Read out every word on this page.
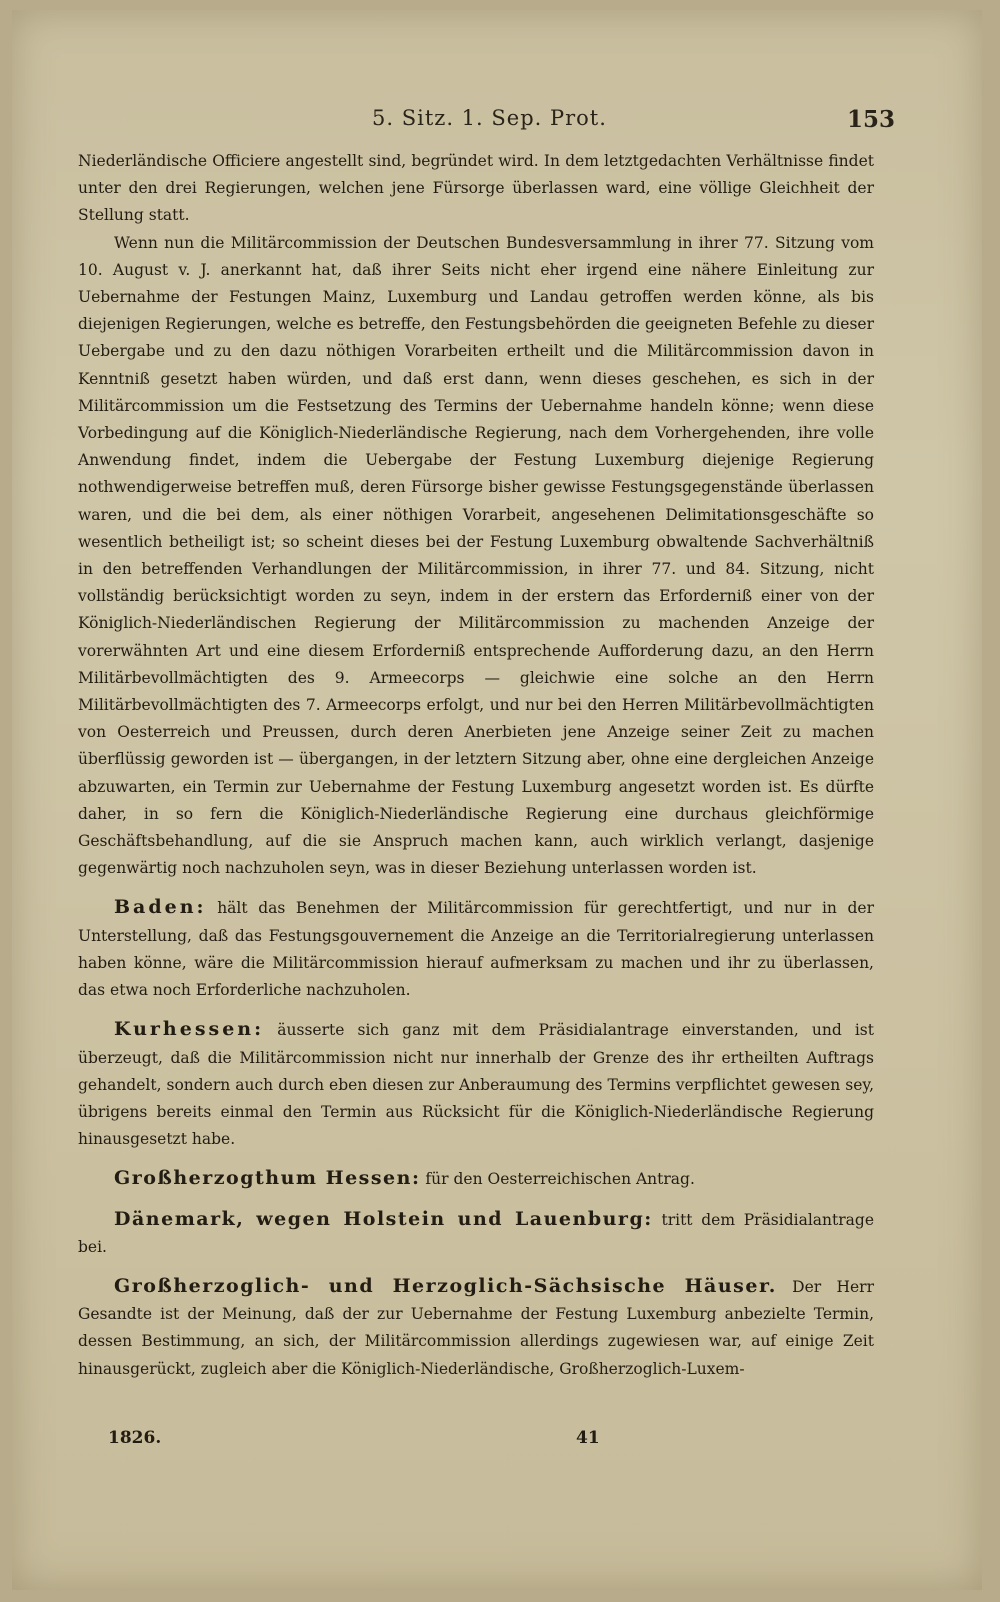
5. Sitz. 1. Sep. Prot.	153

Niederländische Officiere angestellt sind, begründet wird. In dem letztgedachten Verhältnisse findet unter den drei Regierungen, welchen jene Fürsorge überlassen ward, eine völlige Gleichheit der Stellung statt.

Wenn nun die Militärcommission der Deutschen Bundesversammlung in ihrer 77. Sitzung vom 10. August v. J. anerkannt hat, daß ihrer Seits nicht eher irgend eine nähere Einleitung zur Uebernahme der Festungen Mainz, Luxemburg und Landau getroffen werden könne, als bis diejenigen Regierungen, welche es betreffe, den Festungsbehörden die geeigneten Befehle zu dieser Uebergabe und zu den dazu nöthigen Vorarbeiten ertheilt und die Militärcommission davon in Kenntniß gesetzt haben würden, und daß erst dann, wenn dieses geschehen, es sich in der Militärcommission um die Festsetzung des Termins der Uebernahme handeln könne; wenn diese Vorbedingung auf die Königlich-Niederländische Regierung, nach dem Vorhergehenden, ihre volle Anwendung findet, indem die Uebergabe der Festung Luxemburg diejenige Regierung nothwendigerweise betreffen muß, deren Fürsorge bisher gewisse Festungsgegenstände überlassen waren, und die bei dem, als einer nöthigen Vorarbeit, angesehenen Delimitationsgeschäfte so wesentlich betheiligt ist; so scheint dieses bei der Festung Luxemburg obwaltende Sachverhältniß in den betreffenden Verhandlungen der Militärcommission, in ihrer 77. und 84. Sitzung, nicht vollständig berücksichtigt worden zu seyn, indem in der erstern das Erforderniß einer von der Königlich-Niederländischen Regierung der Militärcommission zu machenden Anzeige der vorerwähnten Art und eine diesem Erforderniß entsprechende Aufforderung dazu, an den Herrn Militärbevollmächtigten des 9. Armeecorps — gleichwie eine solche an den Herrn Militärbevollmächtigten des 7. Armeecorps erfolgt, und nur bei den Herren Militärbevollmächtigten von Oesterreich und Preussen, durch deren Anerbieten jene Anzeige seiner Zeit zu machen überflüssig geworden ist — übergangen, in der letztern Sitzung aber, ohne eine dergleichen Anzeige abzuwarten, ein Termin zur Uebernahme der Festung Luxemburg angesetzt worden ist. Es dürfte daher, in so fern die Königlich-Niederländische Regierung eine durchaus gleichförmige Geschäftsbehandlung, auf die sie Anspruch machen kann, auch wirklich verlangt, dasjenige gegenwärtig noch nachzuholen seyn, was in dieser Beziehung unterlassen worden ist.

Baden: hält das Benehmen der Militärcommission für gerechtfertigt, und nur in der Unterstellung, daß das Festungsgouvernement die Anzeige an die Territorialregierung unterlassen haben könne, wäre die Militärcommission hierauf aufmerksam zu machen und ihr zu überlassen, das etwa noch Erforderliche nachzuholen.

Kurhessen: äusserte sich ganz mit dem Präsidialantrage einverstanden, und ist überzeugt, daß die Militärcommission nicht nur innerhalb der Grenze des ihr ertheilten Auftrags gehandelt, sondern auch durch eben diesen zur Anberaumung des Termins verpflichtet gewesen sey, übrigens bereits einmal den Termin aus Rücksicht für die Königlich-Niederländische Regierung hinausgesetzt habe.

Großherzogthum Hessen: für den Oesterreichischen Antrag.

Dänemark, wegen Holstein und Lauenburg: tritt dem Präsidialantrage bei.

Großherzoglich- und Herzoglich-Sächsische Häuser. Der Herr Gesandte ist der Meinung, daß der zur Uebernahme der Festung Luxemburg anbezielte Termin, dessen Bestimmung, an sich, der Militärcommission allerdings zugewiesen war, auf einige Zeit hinausgerückt, zugleich aber die Königlich-Niederländische, Großherzoglich-Luxem-

1826.	41
